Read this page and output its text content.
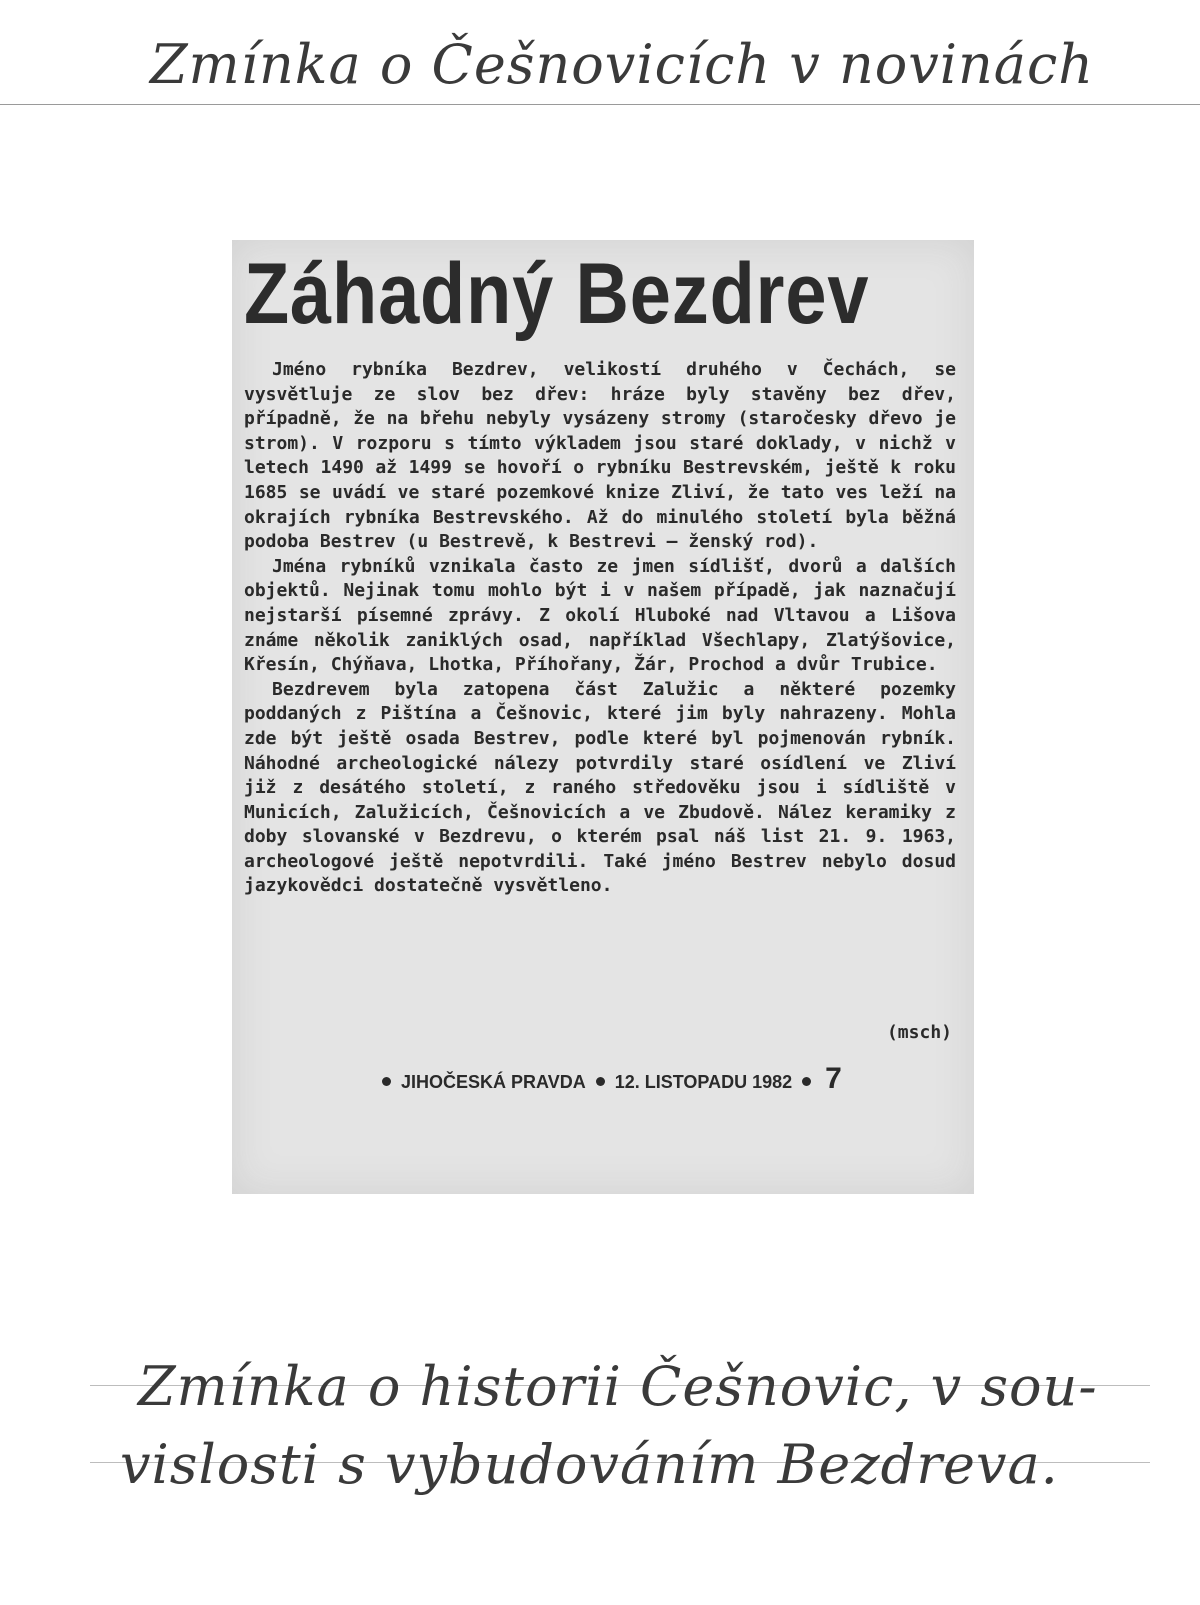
Zmínka o Češnovicích v novinách
Záhadný Bezdrev

Jméno rybníka Bezdrev, velikostí druhého v Čechách, se vysvětluje ze slov bez dřev: hráze byly stavěny bez dřev, případně, že na břehu nebyly vysázeny stromy (staročesky dřevo je strom). V rozporu s tímto výkladem jsou staré doklady, v nichž v letech 1490 až 1499 se hovoří o rybníku Bestrevském, ještě k roku 1685 se uvádí ve staré pozemkové knize Zliví, že tato ves leží na okrajích rybníka Bestrevského. Až do minulého století byla běžná podoba Bestrev (u Bestrevě, k Bestrevi — ženský rod).

Jména rybníků vznikala často ze jmen sídlišť, dvorů a dalších objektů. Nejinak tomu mohlo být i v našem případě, jak naznačují nejstarší písemné zprávy. Z okolí Hluboké nad Vltavou a Lišova známe několik zaniklých osad, například Všechlapy, Zlatýšovice, Křesín, Chýňava, Lhotka, Příhořany, Žár, Prochod a dvůr Trubice.

Bezdrevem byla zatopena část Zalužic a některé pozemky poddaných z Pištína a Češnovic, které jim byly nahrazeny. Mohla zde být ještě osada Bestrev, podle které byl pojmenován rybník. Náhodné archeologické nálezy potvrdily staré osídlení ve Zliví již z desátého století, z raného středověku jsou i sídliště v Municích, Zalužicích, Češnovicích a ve Zbudově. Nález keramiky z doby slovanské v Bezdrevu, o kterém psal náš list 21. 9. 1963, archeologové ještě nepotvrdili. Také jméno Bestrev nebylo dosud jazykovědci dostatečně vysvětleno.

(msch)
JIHOČESKÁ PRAVDA 12. LISTOPADU 1982 7
Zmínka o historii Češnovic, v sou-
vislosti s vybudováním Bezdreva.
